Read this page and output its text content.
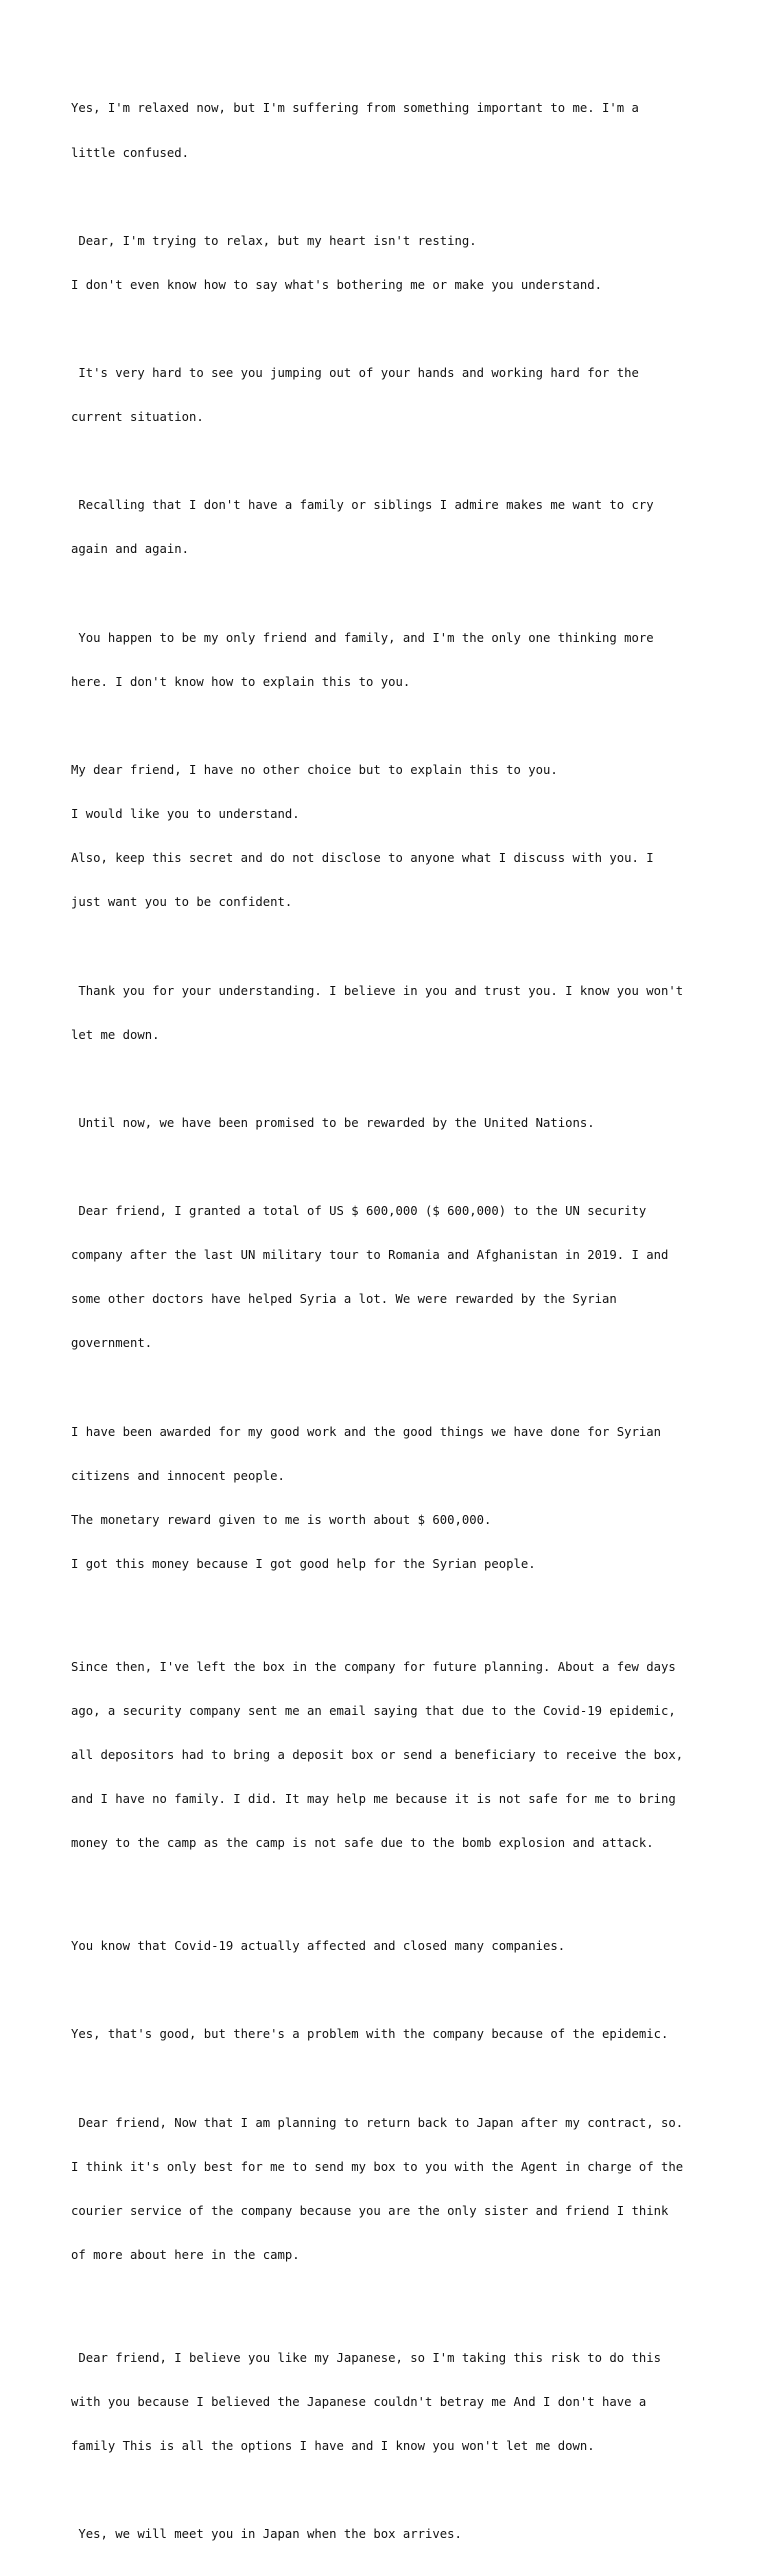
Yes, I'm relaxed now, but I'm suffering from something important to me. I'm a

little confused.

Dear, I'm trying to relax, but my heart isn't resting.

I don't even know how to say what's bothering me or make you understand.

It's very hard to see you jumping out of your hands and working hard for the

current situation.

Recalling that I don't have a family or siblings I admire makes me want to cry

again and again.

You happen to be my only friend and family, and I'm the only one thinking more

here. I don't know how to explain this to you.

My dear friend, I have no other choice but to explain this to you.

I would like you to understand.

Also, keep this secret and do not disclose to anyone what I discuss with you. I

just want you to be confident.

Thank you for your understanding. I believe in you and trust you. I know you won't

let me down.

Until now, we have been promised to be rewarded by the United Nations.

Dear friend, I granted a total of US $ 600,000 ($ 600,000) to the UN security

company after the last UN military tour to Romania and Afghanistan in 2019. I and

some other doctors have helped Syria a lot. We were rewarded by the Syrian

government.

I have been awarded for my good work and the good things we have done for Syrian

citizens and innocent people.

The monetary reward given to me is worth about $ 600,000.

I got this money because I got good help for the Syrian people.

Since then, I've left the box in the company for future planning. About a few days

ago, a security company sent me an email saying that due to the Covid-19 epidemic,

all depositors had to bring a deposit box or send a beneficiary to receive the box,

and I have no family. I did. It may help me because it is not safe for me to bring

money to the camp as the camp is not safe due to the bomb explosion and attack.

You know that Covid-19 actually affected and closed many companies.

Yes, that's good, but there's a problem with the company because of the epidemic.

Dear friend, Now that I am planning to return back to Japan after my contract, so.

I think it's only best for me to send my box to you with the Agent in charge of the

courier service of the company because you are the only sister and friend I think

of more about here in the camp.

Dear friend, I believe you like my Japanese, so I'm taking this risk to do this

with you because I believed the Japanese couldn't betray me And I don't have a

family This is all the options I have and I know you won't let me down.

Yes, we will meet you in Japan when the box arrives.
